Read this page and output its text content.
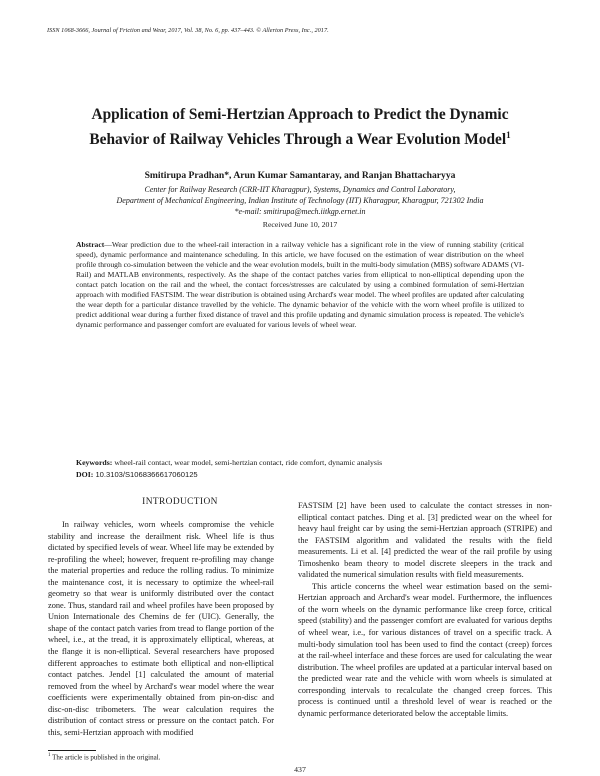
ISSN 1068-3666, Journal of Friction and Wear, 2017, Vol. 38, No. 6, pp. 437–443. © Allerton Press, Inc., 2017.
Application of Semi-Hertzian Approach to Predict the Dynamic Behavior of Railway Vehicles Through a Wear Evolution Model$^1$
Smitirupa Pradhan*, Arun Kumar Samantaray, and Ranjan Bhattacharyya
Center for Railway Research (CRR-IIT Kharagpur), Systems, Dynamics and Control Laboratory,
Department of Mechanical Engineering, Indian Institute of Technology (IIT) Kharagpur, Kharagpur, 721302 India
*e-mail: smitirupa@mech.iitkgp.ernet.in
Received June 10, 2017
Abstract—Wear prediction due to the wheel-rail interaction in a railway vehicle has a significant role in the view of running stability (critical speed), dynamic performance and maintenance scheduling. In this article, we have focused on the estimation of wear distribution on the wheel profile through co-simulation between the vehicle and the wear evolution models, built in the multi-body simulation (MBS) software ADAMS (VI-Rail) and MATLAB environments, respectively. As the shape of the contact patches varies from elliptical to non-elliptical depending upon the contact patch location on the rail and the wheel, the contact forces/stresses are calculated by using a combined formulation of semi-Hertzian approach with modified FASTSIM. The wear distribution is obtained using Archard's wear model. The wheel profiles are updated after calculating the wear depth for a particular distance travelled by the vehicle. The dynamic behavior of the vehicle with the worn wheel profile is utilized to predict additional wear during a further fixed distance of travel and this profile updating and dynamic simulation process is repeated. The vehicle's dynamic performance and passenger comfort are evaluated for various levels of wheel wear.
Keywords: wheel-rail contact, wear model, semi-hertzian contact, ride comfort, dynamic analysis
DOI: 10.3103/S1068366617060125
INTRODUCTION
In railway vehicles, worn wheels compromise the vehicle stability and increase the derailment risk. Wheel life is thus dictated by specified levels of wear. Wheel life may be extended by re-profiling the wheel; however, frequent re-profiling may change the material properties and reduce the rolling radius. To minimize the maintenance cost, it is necessary to optimize the wheel-rail geometry so that wear is uniformly distributed over the contact zone. Thus, standard rail and wheel profiles have been proposed by Union Internationale des Chemins de fer (UIC). Generally, the shape of the contact patch varies from tread to flange portion of the wheel, i.e., at the tread, it is approximately elliptical, whereas, at the flange it is non-elliptical. Several researchers have proposed different approaches to estimate both elliptical and non-elliptical contact patches. Jendel [1] calculated the amount of material removed from the wheel by Archard's wear model where the wear coefficients were experimentally obtained from pin-on-disc and disc-on-disc tribometers. The wear calculation requires the distribution of contact stress or pressure on the contact patch. For this, semi-Hertzian approach with modified

FASTSIM [2] have been used to calculate the contact stresses in non-elliptical contact patches. Ding et al. [3] predicted wear on the wheel for heavy haul freight car by using the semi-Hertzian approach (STRIPE) and the FASTSIM algorithm and validated the results with the field measurements. Li et al. [4] predicted the wear of the rail profile by using Timoshenko beam theory to model discrete sleepers in the track and validated the numerical simulation results with field measurements.

This article concerns the wheel wear estimation based on the semi-Hertzian approach and Archard's wear model. Furthermore, the influences of the worn wheels on the dynamic performance like creep force, critical speed (stability) and the passenger comfort are evaluated for various depths of wheel wear, i.e., for various distances of travel on a specific track. A multi-body simulation tool has been used to find the contact (creep) forces at the rail-wheel interface and these forces are used for calculating the wear distribution. The wheel profiles are updated at a particular interval based on the predicted wear rate and the vehicle with worn wheels is simulated at corresponding intervals to recalculate the changed creep forces. This process is continued until a threshold level of wear is reached or the dynamic performance deteriorated below the acceptable limits.

$^1$ The article is published in the original.
437
